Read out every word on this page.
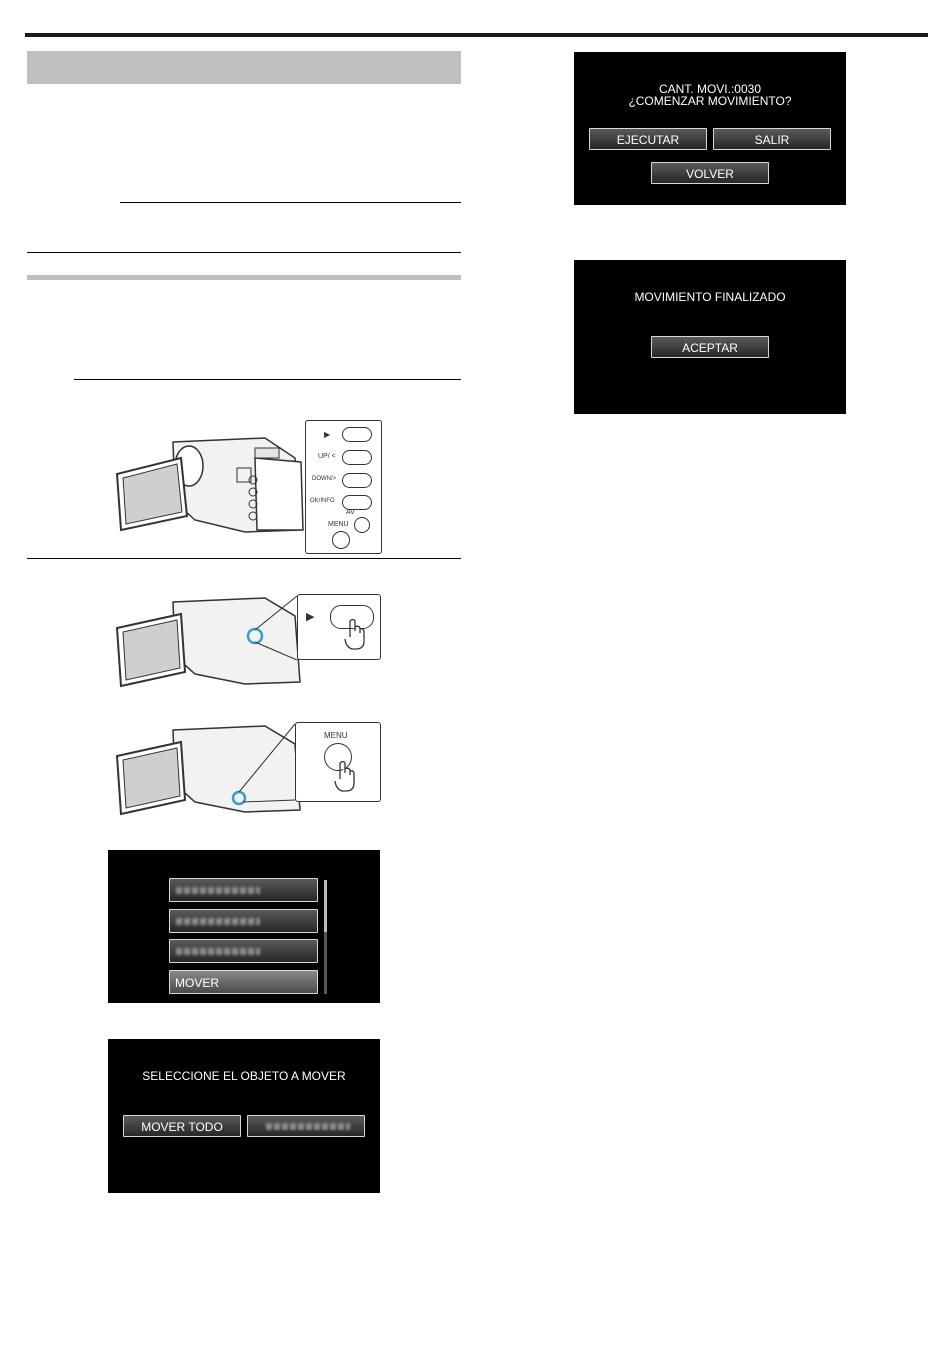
▶
UP/ <
DOWN/>
OK/INFO
AV
MENU
▶
MENU
MOVER
SELECCIONE EL OBJETO A MOVER
MOVER TODO
CANT. MOVI.:0030
¿COMENZAR MOVIMIENTO?
EJECUTAR	SALIR
VOLVER
MOVIMIENTO FINALIZADO
ACEPTAR
